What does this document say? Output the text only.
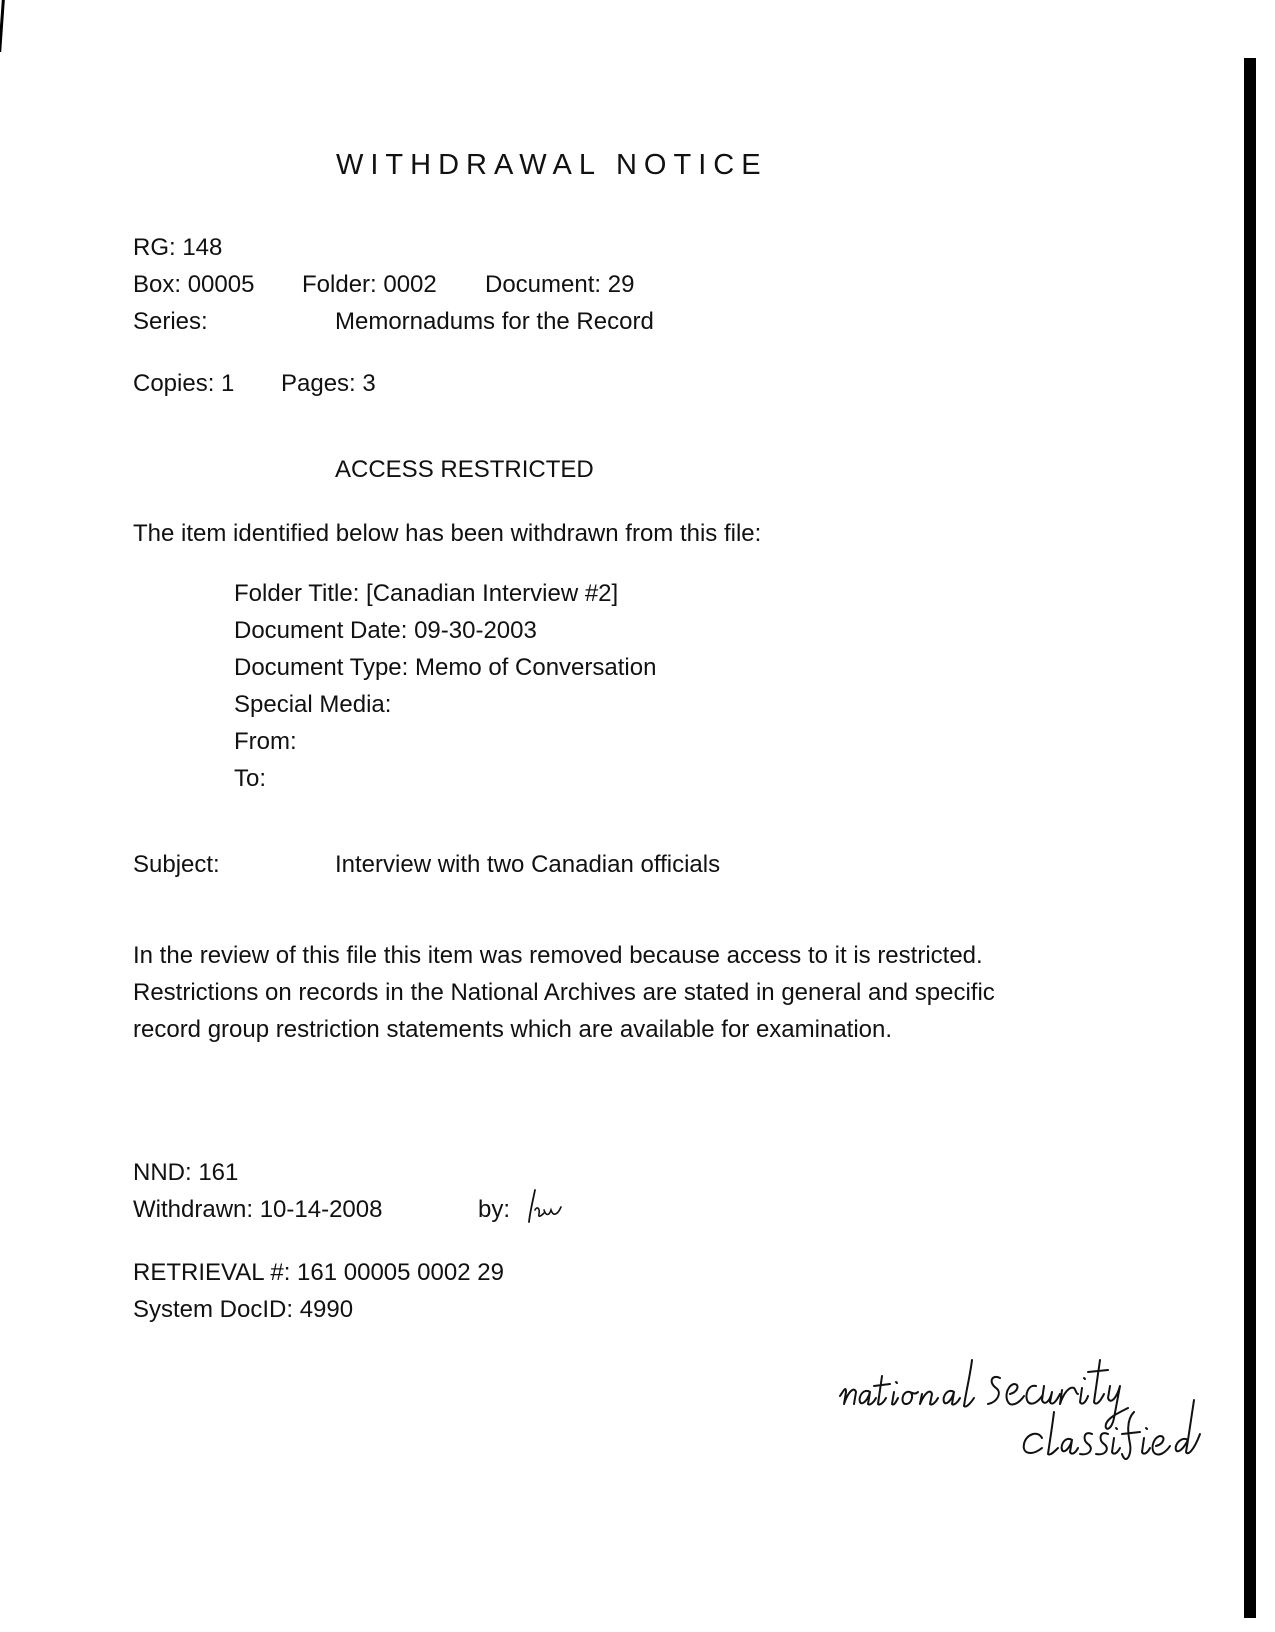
WITHDRAWAL NOTICE
RG: 148
Box: 00005 Folder: 0002 Document: 29
Series:	Memornadums for the Record
Copies: 1 Pages: 3
ACCESS RESTRICTED
The item identified below has been withdrawn from this file:
Folder Title: [Canadian Interview #2]
Document Date: 09-30-2003
Document Type: Memo of Conversation
Special Media:
From:
To:
Subject:	Interview with two Canadian officials
In the review of this file this item was removed because access to it is restricted. Restrictions on records in the National Archives are stated in general and specific record group restriction statements which are available for examination.
NND: 161
Withdrawn: 10-14-2008	by:
RETRIEVAL #: 161 00005 0002 29
System DocID: 4990
